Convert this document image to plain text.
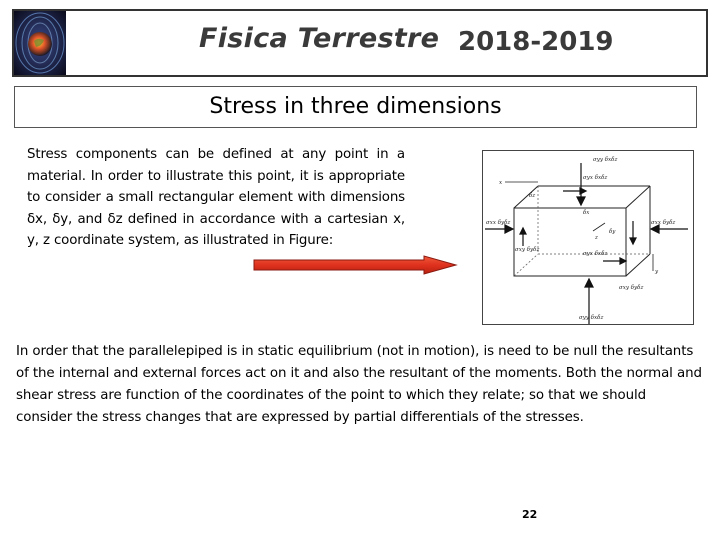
Fisica Terrestre 2018-2019
Stress in three dimensions
Stress components can be defined at any point in a material. In order to illustrate this point, it is appropriate to consider a small rectangular element with dimensions δx, δy, and δz defined in accordance with a cartesian x, y, z coordinate system, as illustrated in Figure:
σyy δxδz
σyx δxδz
σxx δyδz	σxx δyδz
σxy δyδz
σyx δxδz
σxy δyδz
σyy δxδz
δx
δy
δz
x
y
z
In order that the parallelepiped is in static equilibrium (not in motion), is need to be null the resultants of the internal and external forces act on it and also the resultant of the moments. Both the normal and shear stress are function of the coordinates of the point to which they relate; so that we should consider the stress changes that are expressed by partial differentials of the stresses.
22
